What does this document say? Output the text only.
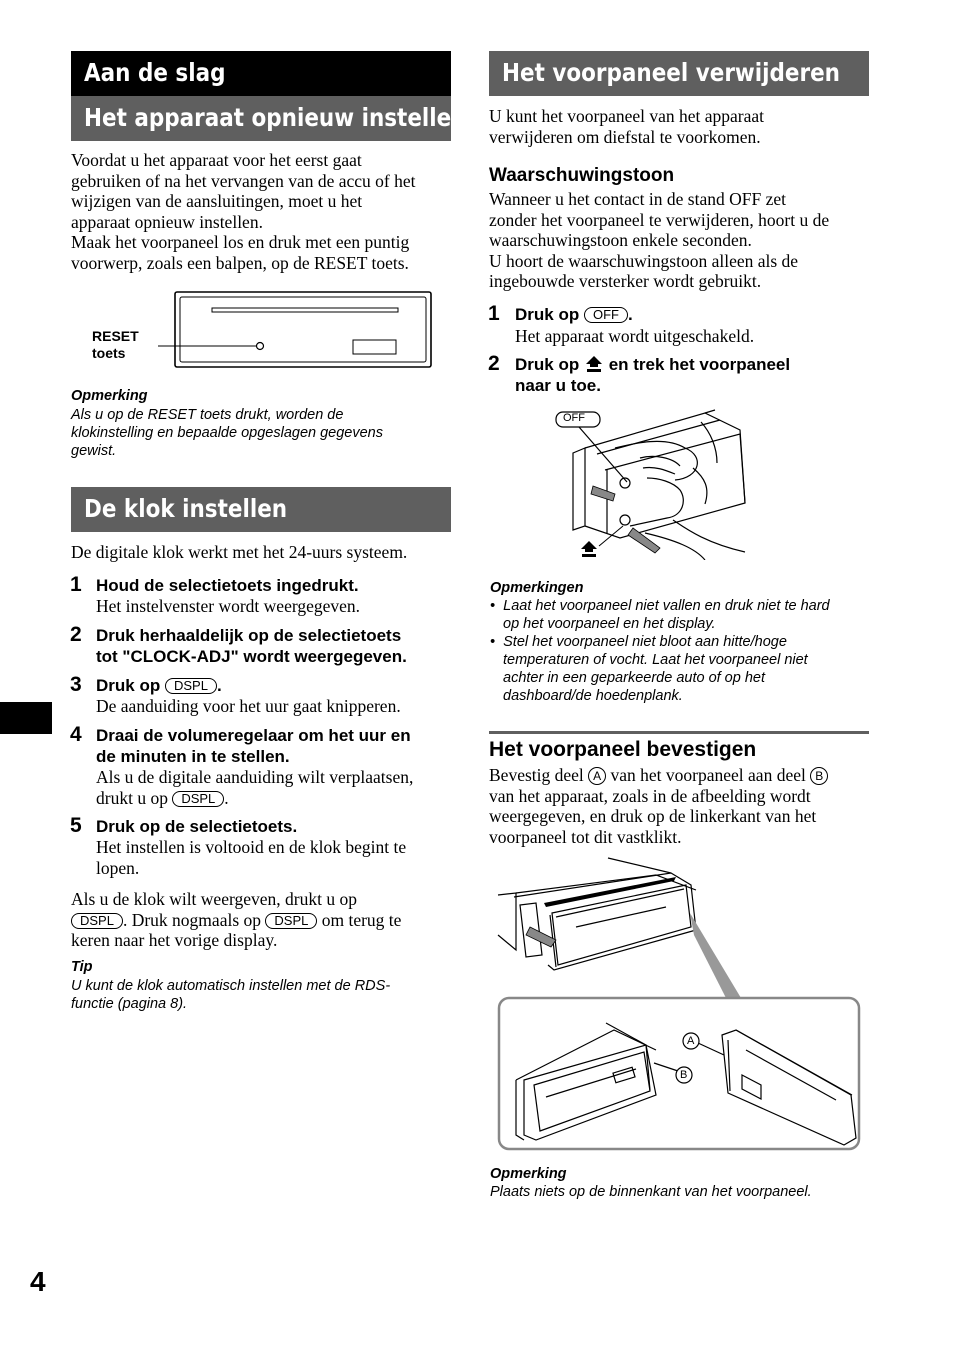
Aan de slag
Het apparaat opnieuw instellen
Voordat u het apparaat voor het eerst gaat
gebruiken of na het vervangen van de accu of het
wijzigen van de aansluitingen, moet u het
apparaat opnieuw instellen.
Maak het voorpaneel los en druk met een puntig
voorwerp, zoals een balpen, op de RESET toets.
RESET
toets
Opmerking
Als u op de RESET toets drukt, worden de
klokinstelling en bepaalde opgeslagen gegevens
gewist.
De klok instellen
De digitale klok werkt met het 24-uurs systeem.
1 Houd de selectietoets ingedrukt.
Het instelvenster wordt weergegeven.
2 Druk herhaaldelijk op de selectietoets
tot "CLOCK-ADJ" wordt weergegeven.
3 Druk op DSPL .
De aanduiding voor het uur gaat knipperen.
4 Draai de volumeregelaar om het uur en
de minuten in te stellen.
Als u de digitale aanduiding wilt verplaatsen,
drukt u op DSPL .
5 Druk op de selectietoets.
Het instellen is voltooid en de klok begint te
lopen.
Als u de klok wilt weergeven, drukt u op
DSPL . Druk nogmaals op DSPL om terug te
keren naar het vorige display.
Tip
U kunt de klok automatisch instellen met de RDS-
functie (pagina 8).
Het voorpaneel verwijderen
U kunt het voorpaneel van het apparaat
verwijderen om diefstal te voorkomen.
Waarschuwingstoon
Wanneer u het contact in de stand OFF zet
zonder het voorpaneel te verwijderen, hoort u de
waarschuwingstoon enkele seconden.
U hoort de waarschuwingstoon alleen als de
ingebouwde versterker wordt gebruikt.
1 Druk op OFF .
Het apparaat wordt uitgeschakeld.
2 Druk op en trek het voorpaneel
naar u toe.
OFF
Opmerkingen
•  Laat het voorpaneel niet vallen en druk niet te hard
op het voorpaneel en het display.
•  Stel het voorpaneel niet bloot aan hitte/hoge
temperaturen of vocht. Laat het voorpaneel niet
achter in een geparkeerde auto of op het
dashboard/de hoedenplank.
Het voorpaneel bevestigen
Bevestig deel A van het voorpaneel aan deel B
van het apparaat, zoals in de afbeelding wordt
weergegeven, en druk op de linkerkant van het
voorpaneel tot dit vastklikt.
A
B
Opmerking
Plaats niets op de binnenkant van het voorpaneel.
4
